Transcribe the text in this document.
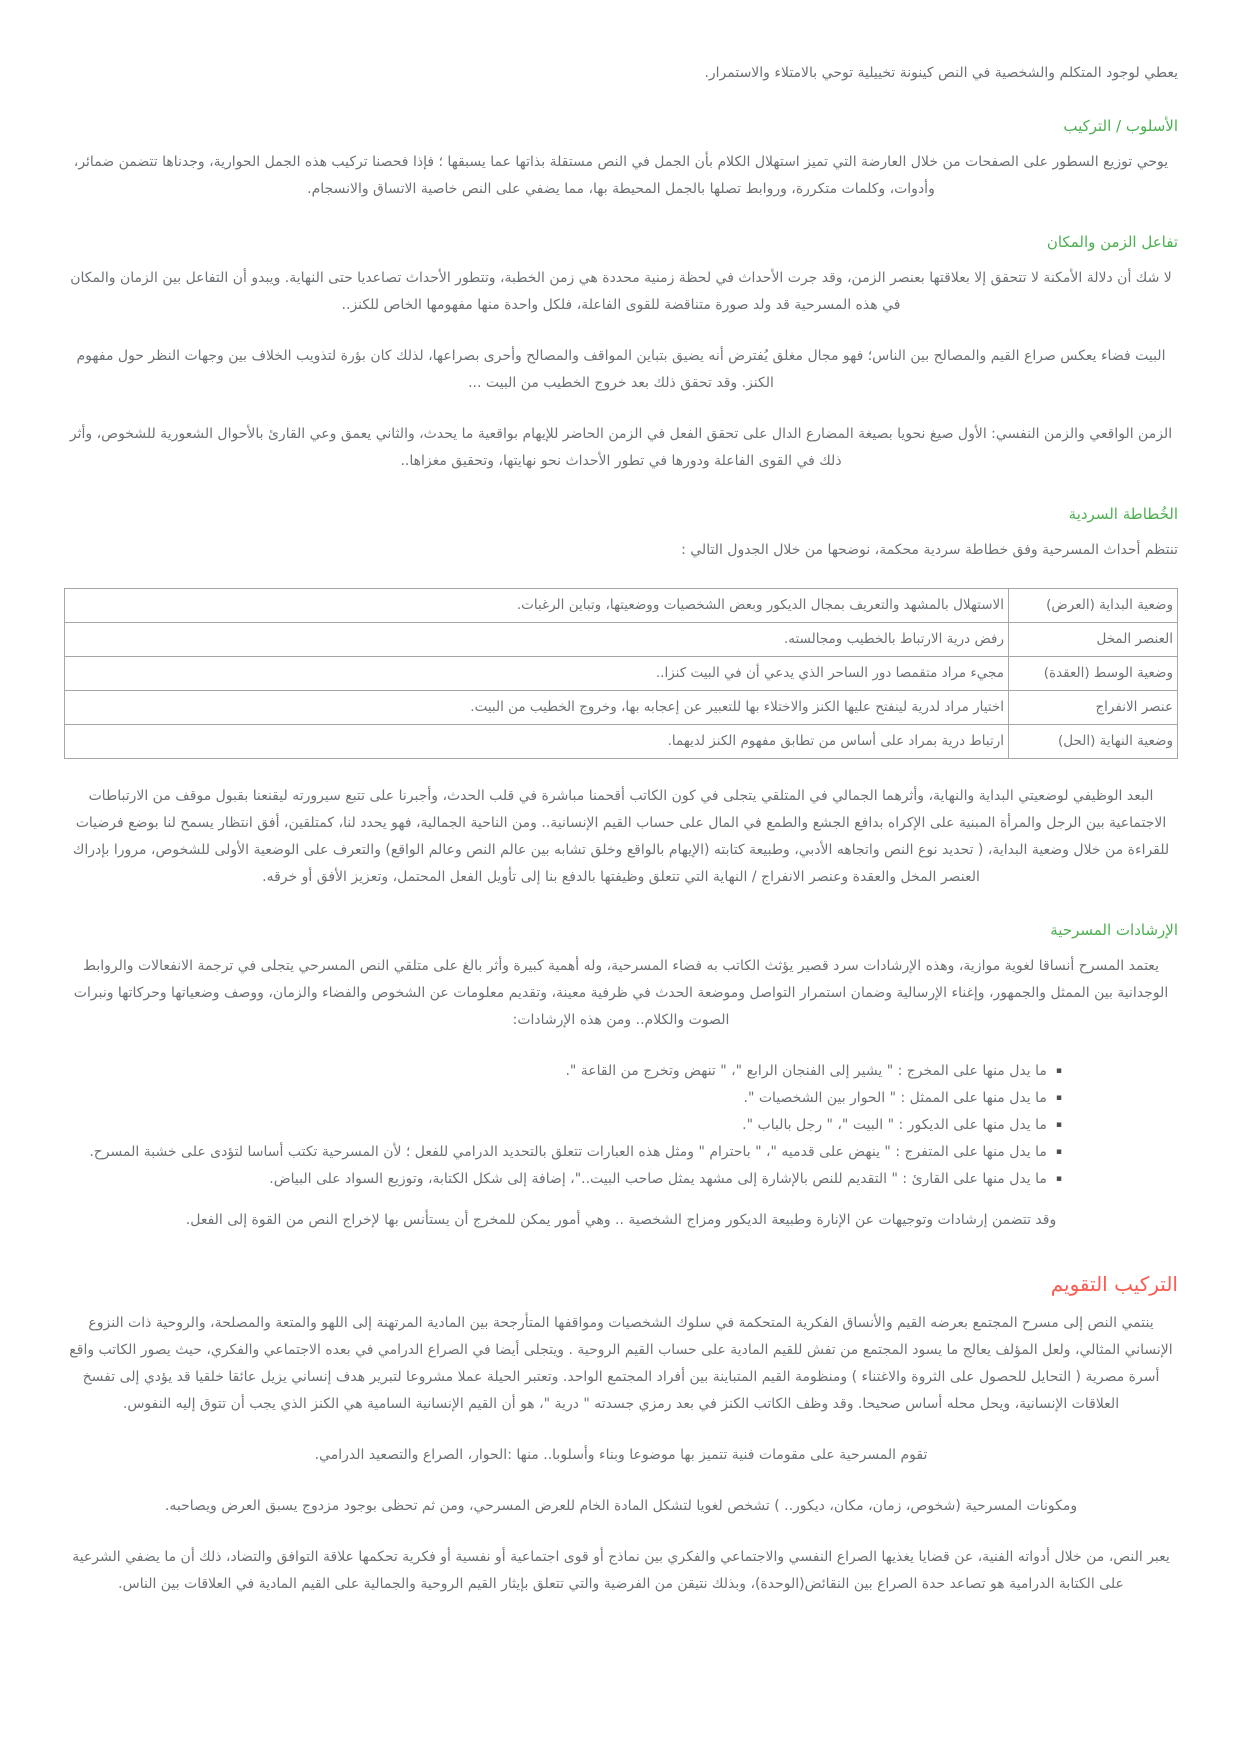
يعطي لوجود المتكلم والشخصية في النص كينونة تخييلية توحي بالامتلاء والاستمرار.

الأسلوب / التركيب

يوحي توزيع السطور على الصفحات من خلال العارضة التي تميز استهلال الكلام بأن الجمل في النص مستقلة بذاتها عما يسبقها ؛ فإذا فحصنا تركيب هذه الجمل الحوارية، وجدناها تتضمن ضمائر، وأدوات، وكلمات متكررة، وروابط تصلها بالجمل المحيطة بها، مما يضفي على النص خاصية الاتساق والانسجام.

تفاعل الزمن والمكان

لا شك أن دلالة الأمكنة لا تتحقق إلا بعلاقتها بعنصر الزمن، وقد جرت الأحداث في لحظة زمنية محددة هي زمن الخطبة، وتتطور الأحداث تصاعديا حتى النهاية. ويبدو أن التفاعل بين الزمان والمكان في هذه المسرحية قد ولد صورة متناقضة للقوى الفاعلة، فلكل واحدة منها مفهومها الخاص للكنز..

البيت فضاء يعكس صراع القيم والمصالح بين الناس؛ فهو مجال مغلق يُفترض أنه يضيق بتباين المواقف والمصالح وأحرى بصراعها، لذلك كان بؤرة لتذويب الخلاف بين وجهات النظر حول مفهوم الكنز. وقد تحقق ذلك بعد خروج الخطيب من البيت ...

الزمن الواقعي والزمن النفسي: الأول صيغ نحويا بصيغة المضارع الدال على تحقق الفعل في الزمن الحاضر للإيهام بواقعية ما يحدث، والثاني يعمق وعي القارئ بالأحوال الشعورية للشخوص، وأثر ذلك في القوى الفاعلة ودورها في تطور الأحداث نحو نهايتها، وتحقيق مغزاها..

الخُطاطة السردية

تنتظم أحداث المسرحية وفق خطاطة سردية محكمة، نوضحها من خلال الجدول التالي :

وضعية البداية (العرض)	الاستهلال بالمشهد والتعريف بمجال الديكور وبعض الشخصيات ووضعيتها، وتباين الرغبات.
العنصر المخل	رفض درية الارتباط بالخطيب ومجالسته.
وضعية الوسط (العقدة)	مجيء مراد متقمصا دور الساحر الذي يدعي أن في البيت كنزا..
عنصر الانفراج	اختيار مراد لدرية لينفتح عليها الكنز والاختلاء بها للتعبير عن إعجابه بها، وخروج الخطيب من البيت.
وضعية النهاية (الحل)	ارتباط درية بمراد على أساس من تطابق مفهوم الكنز لديهما.

البعد الوظيفي لوضعيتي البداية والنهاية، وأثرهما الجمالي في المتلقي يتجلى في كون الكاتب أقحمنا مباشرة في قلب الحدث، وأجبرنا على تتبع سيرورته ليقنعنا بقبول موقف من الارتباطات الاجتماعية بين الرجل والمرأة المبنية على الإكراه بدافع الجشع والطمع في المال على حساب القيم الإنسانية.. ومن الناحية الجمالية، فهو يحدد لنا، كمتلقين، أفق انتظار يسمح لنا بوضع فرضيات للقراءة من خلال وضعية البداية، ( تحديد نوع النص واتجاهه الأدبي، وطبيعة كتابته (الإيهام بالواقع وخلق تشابه بين عالم النص وعالم الواقع) والتعرف على الوضعية الأولى للشخوص، مرورا بإدراك العنصر المخل والعقدة وعنصر الانفراج / النهاية التي تتعلق وظيفتها بالدفع بنا إلى تأويل الفعل المحتمل، وتعزيز الأفق أو خرقه.

الإرشادات المسرحية

يعتمد المسرح أنساقا لغوية موازية، وهذه الإرشادات سرد قصير يؤثث الكاتب به فضاء المسرحية، وله أهمية كبيرة وأثر بالغ على متلقي النص المسرحي يتجلى في ترجمة الانفعالات والروابط الوجدانية بين الممثل والجمهور، وإغناء الإرسالية وضمان استمرار التواصل وموضعة الحدث في ظرفية معينة، وتقديم معلومات عن الشخوص والفضاء والزمان، ووصف وضعياتها وحركاتها ونبرات الصوت والكلام.. ومن هذه الإرشادات:

▪ما يدل منها على المخرج : " يشير إلى الفنجان الرابع "، " تنهض وتخرج من القاعة ".
▪ما يدل منها على الممثل : " الحوار بين الشخصيات ".
▪ما يدل منها على الديكور : " البيت "، " رجل بالباب ".
▪ما يدل منها على المتفرج : " ينهض على قدميه "، " باحترام " ومثل هذه العبارات تتعلق بالتحديد الدرامي للفعل ؛ لأن المسرحية تكتب أساسا لتؤدى على خشبة المسرح.
▪ما يدل منها على القارئ : " التقديم للنص بالإشارة إلى مشهد يمثل صاحب البيت.."، إضافة إلى شكل الكتابة، وتوزيع السواد على البياض.

وقد تتضمن إرشادات وتوجيهات عن الإنارة وطبيعة الديكور ومزاج الشخصية .. وهي أمور يمكن للمخرج أن يستأنس بها لإخراج النص من القوة إلى الفعل.

التركيب التقويم

ينتمي النص إلى مسرح المجتمع بعرضه القيم والأنساق الفكرية المتحكمة في سلوك الشخصيات ومواقفها المتأرجحة بين المادية المرتهنة إلى اللهو والمتعة والمصلحة، والروحية ذات النزوع الإنساني المثالي، ولعل المؤلف يعالج ما يسود المجتمع من تفش للقيم المادية على حساب القيم الروحية . ويتجلى أيضا في الصراع الدرامي في بعده الاجتماعي والفكري، حيث يصور الكاتب واقع أسرة مصرية ( التحايل للحصول على الثروة والاغتناء ) ومنظومة القيم المتباينة بين أفراد المجتمع الواحد. وتعتبر الحيلة عملا مشروعا لتبرير هدف إنساني يزيل عائقا خلقيا قد يؤدي إلى تفسخ العلاقات الإنسانية، ويحل محله أساس صحيحا. وقد وظف الكاتب الكنز في بعد رمزي جسدته " درية "، هو أن القيم الإنسانية السامية هي الكنز الذي يجب أن تتوق إليه النفوس.

تقوم المسرحية على مقومات فنية تتميز بها موضوعا وبناء وأسلوبا.. منها :الحوار، الصراع والتصعيد الدرامي.

ومكونات المسرحية (شخوص، زمان، مكان، ديكور.. ) تشخص لغويا لتشكل المادة الخام للعرض المسرحي، ومن ثم تحظى بوجود مزدوج يسبق العرض ويصاحبه.

يعبر النص، من خلال أدواته الفنية، عن قضايا يغذيها الصراع النفسي والاجتماعي والفكري بين نماذج أو قوى اجتماعية أو نفسية أو فكرية تحكمها علاقة التوافق والتضاد، ذلك أن ما يضفي الشرعية على الكتابة الدرامية هو تصاعد حدة الصراع بين النقائض(الوحدة)، وبذلك نتيقن من الفرضية والتي تتعلق بإيثار القيم الروحية والجمالية على القيم المادية في العلاقات بين الناس.
